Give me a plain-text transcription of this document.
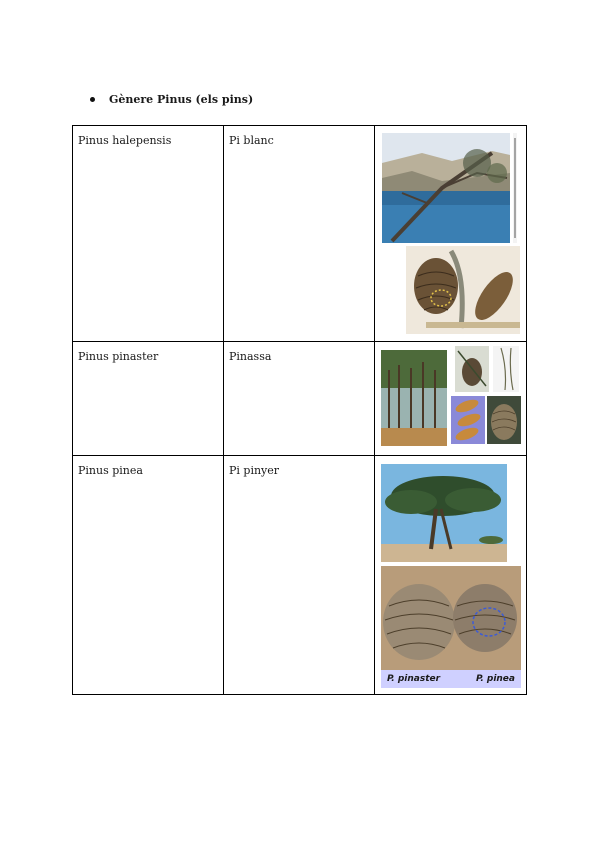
Gènere Pinus (els pins)
Pinus halepensis	Pi blanc

Pinus pinaster	Pinassa

Pinus pinea	Pi pinyer	P. pinaster P. pinea
